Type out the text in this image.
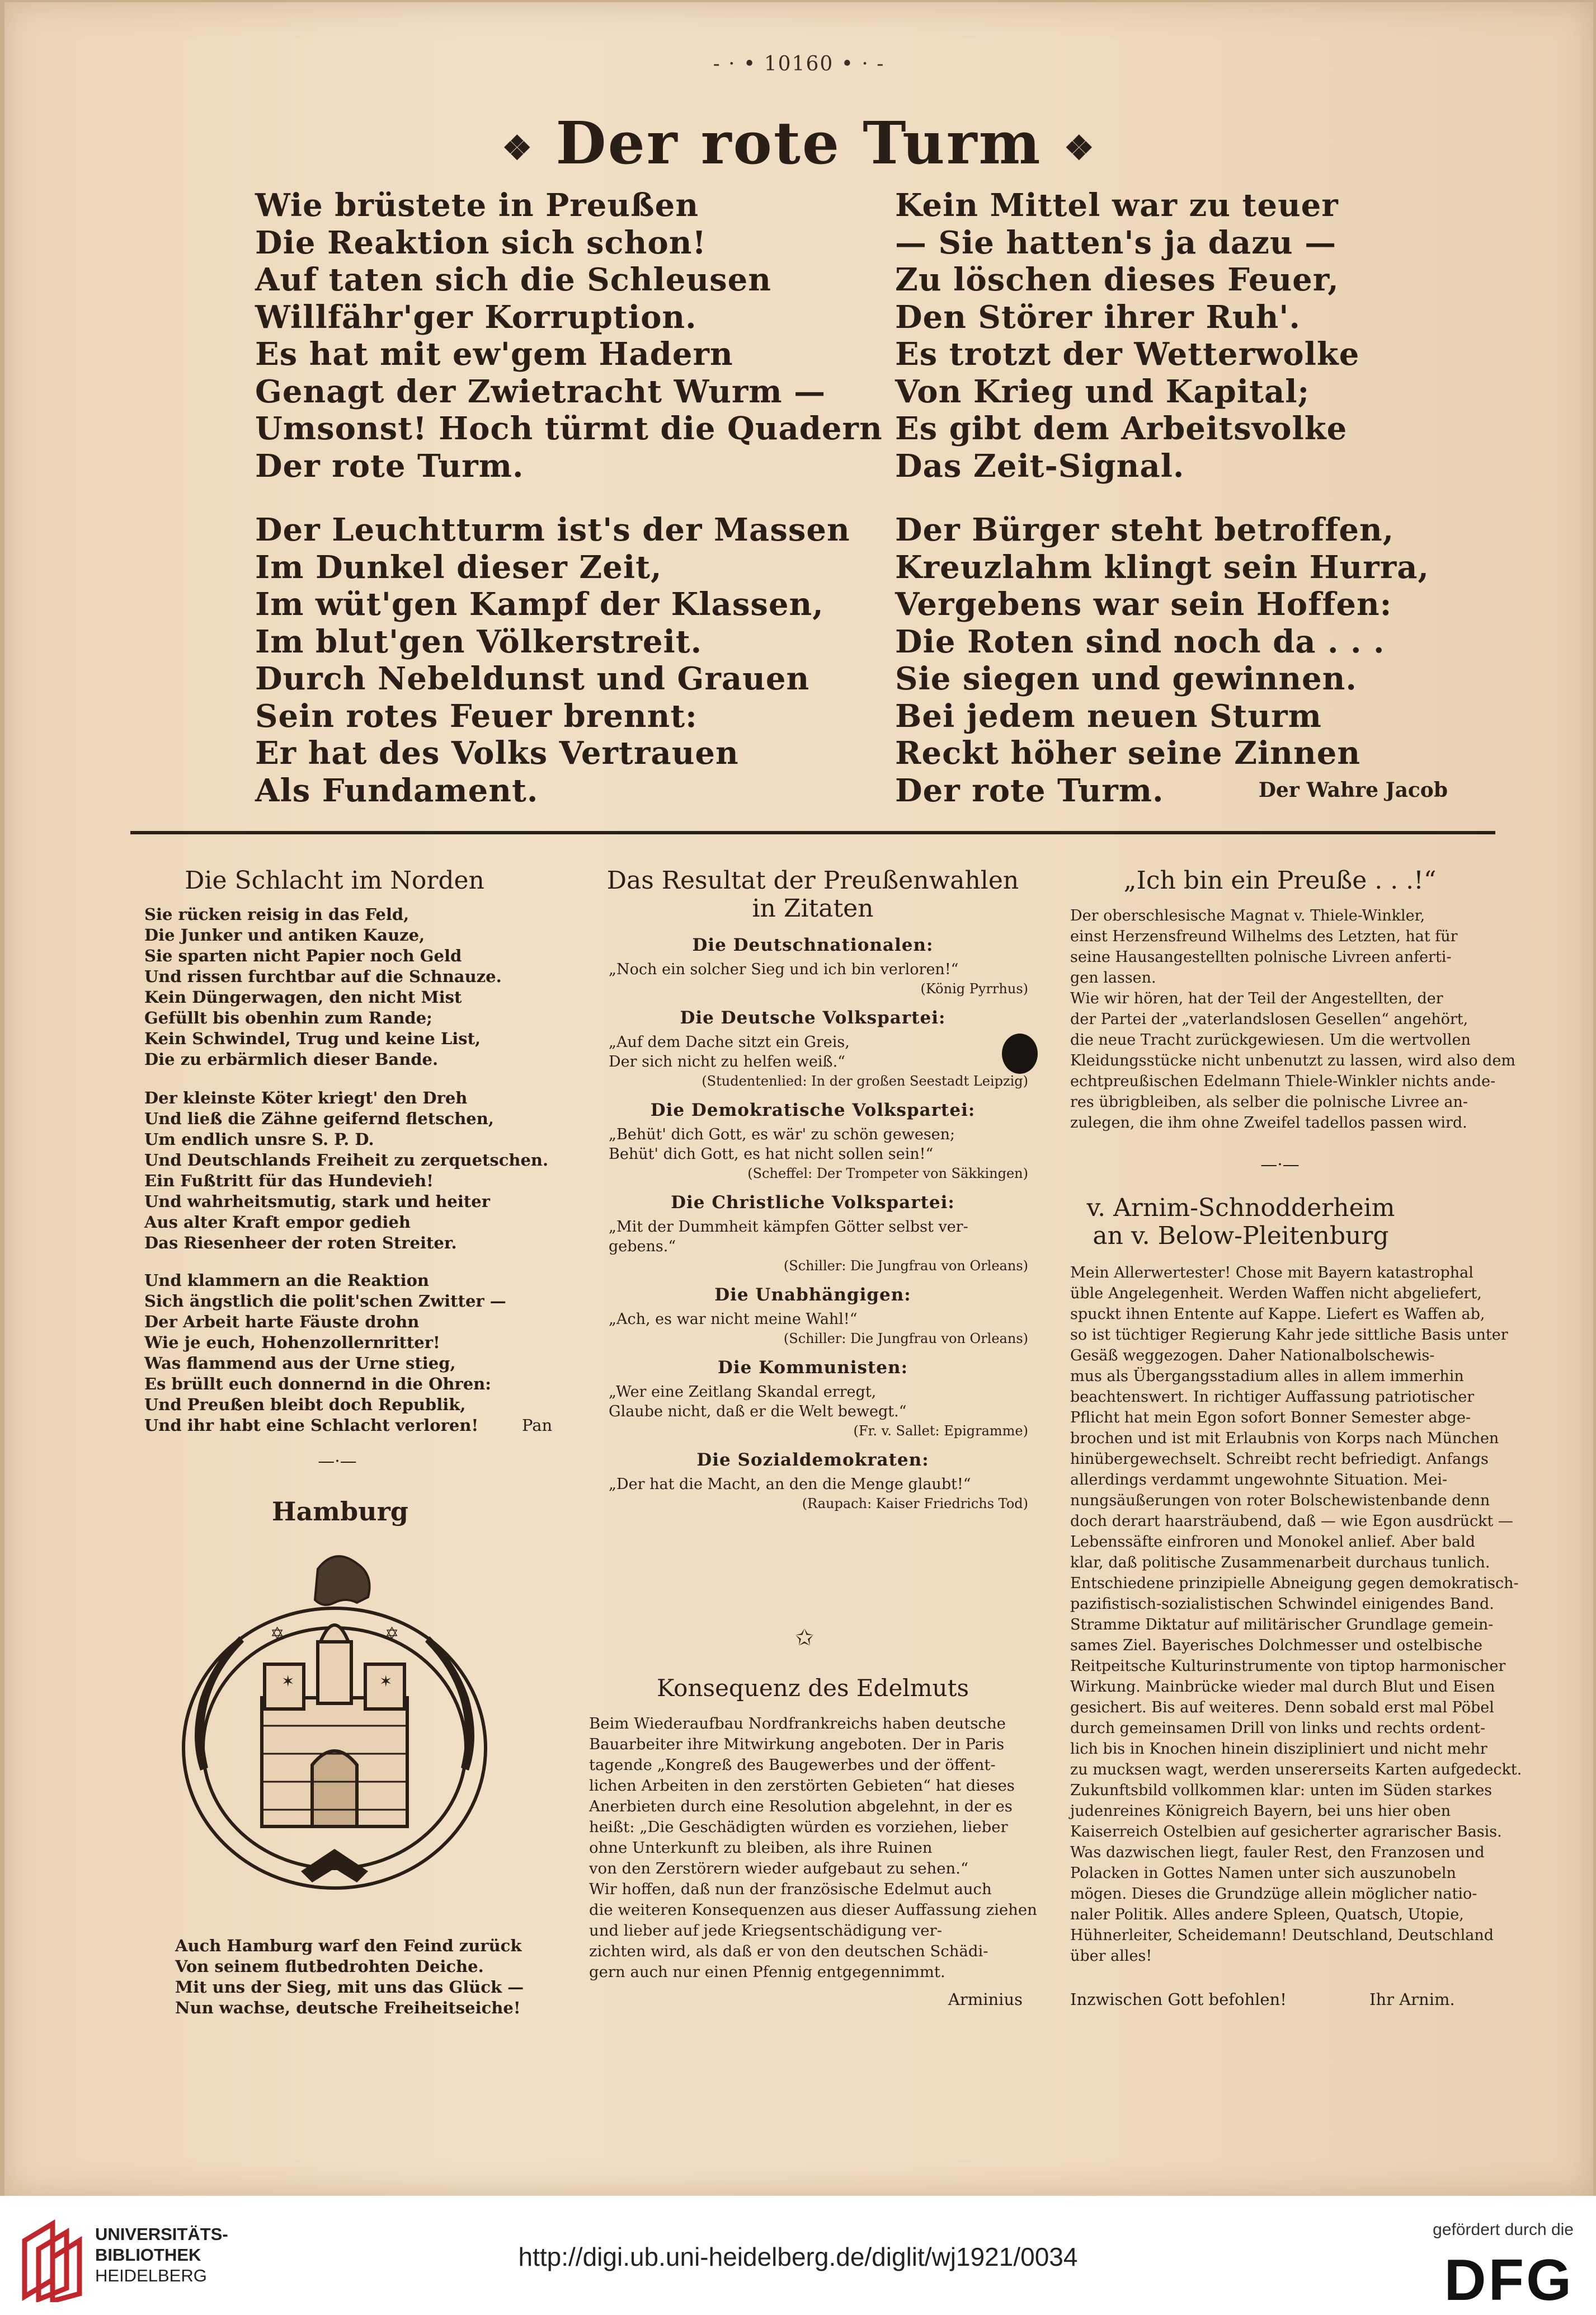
- · • 10160 • · -
❖ Der rote Turm ❖
Wie brüstete in Preußen
Die Reaktion sich schon!
Auf taten sich die Schleusen
Willfähr'ger Korruption.
Es hat mit ew'gem Hadern
Genagt der Zwietracht Wurm —
Umsonst! Hoch türmt die Quadern
Der rote Turm.
Kein Mittel war zu teuer
— Sie hatten's ja dazu —
Zu löschen dieses Feuer,
Den Störer ihrer Ruh'.
Es trotzt der Wetterwolke
Von Krieg und Kapital;
Es gibt dem Arbeitsvolke
Das Zeit-Signal.
Der Leuchtturm ist's der Massen
Im Dunkel dieser Zeit,
Im wüt'gen Kampf der Klassen,
Im blut'gen Völkerstreit.
Durch Nebeldunst und Grauen
Sein rotes Feuer brennt:
Er hat des Volks Vertrauen
Als Fundament.
Der Bürger steht betroffen,
Kreuzlahm klingt sein Hurra,
Vergebens war sein Hoffen:
Die Roten sind noch da . . .
Sie siegen und gewinnen.
Bei jedem neuen Sturm
Reckt höher seine Zinnen
Der rote Turm.	Der Wahre Jacob
Die Schlacht im Norden
Sie rücken reisig in das Feld,
Die Junker und antiken Kauze,
Sie sparten nicht Papier noch Geld
Und rissen furchtbar auf die Schnauze.
Kein Düngerwagen, den nicht Mist
Gefüllt bis obenhin zum Rande;
Kein Schwindel, Trug und keine List,
Die zu erbärmlich dieser Bande.
Der kleinste Köter kriegt' den Dreh
Und ließ die Zähne geifernd fletschen,
Um endlich unsre S. P. D.
Und Deutschlands Freiheit zu zerquetschen.
Ein Fußtritt für das Hundevieh!
Und wahrheitsmutig, stark und heiter
Aus alter Kraft empor gedieh
Das Riesenheer der roten Streiter.
Und klammern an die Reaktion
Sich ängstlich die polit'schen Zwitter —
Der Arbeit harte Fäuste drohn
Wie je euch, Hohenzollernritter!
Was flammend aus der Urne stieg,
Es brüllt euch donnernd in die Ohren:
Und Preußen bleibt doch Republik,
Und ihr habt eine Schlacht verloren!	Pan
—·—
Hamburg
✶	✶
✡	✡
Auch Hamburg warf den Feind zurück
Von seinem flutbedrohten Deiche.
Mit uns der Sieg, mit uns das Glück —
Nun wachse, deutsche Freiheitseiche!
Das Resultat der Preußenwahlen
in Zitaten
Die Deutschnationalen:
„Noch ein solcher Sieg und ich bin verloren!“
(König Pyrrhus)
Die Deutsche Volkspartei:
„Auf dem Dache sitzt ein Greis,
Der sich nicht zu helfen weiß.“
(Studentenlied: In der großen Seestadt Leipzig)
Die Demokratische Volkspartei:
„Behüt' dich Gott, es wär' zu schön gewesen;
Behüt' dich Gott, es hat nicht sollen sein!“
(Scheffel: Der Trompeter von Säkkingen)
Die Christliche Volkspartei:
„Mit der Dummheit kämpfen Götter selbst ver-
gebens.“
(Schiller: Die Jungfrau von Orleans)
Die Unabhängigen:
„Ach, es war nicht meine Wahl!“
(Schiller: Die Jungfrau von Orleans)
Die Kommunisten:
„Wer eine Zeitlang Skandal erregt,
Glaube nicht, daß er die Welt bewegt.“
(Fr. v. Sallet: Epigramme)
Die Sozialdemokraten:
„Der hat die Macht, an den die Menge glaubt!“
(Raupach: Kaiser Friedrichs Tod)
✩
Konsequenz des Edelmuts
Beim Wiederaufbau Nordfrankreichs haben deutsche
Bauarbeiter ihre Mitwirkung angeboten. Der in Paris
tagende „Kongreß des Baugewerbes und der öffent-
lichen Arbeiten in den zerstörten Gebieten“ hat dieses
Anerbieten durch eine Resolution abgelehnt, in der es
heißt: „Die Geschädigten würden es vorziehen, lieber
ohne Unterkunft zu bleiben, als ihre Ruinen
von den Zerstörern wieder aufgebaut zu sehen.“
Wir hoffen, daß nun der französische Edelmut auch
die weiteren Konsequenzen aus dieser Auffassung ziehen
und lieber auf jede Kriegsentschädigung ver-
zichten wird, als daß er von den deutschen Schädi-
gern auch nur einen Pfennig entgegennimmt.
Arminius
„Ich bin ein Preuße . . .!“
Der oberschlesische Magnat v. Thiele-Winkler,
einst Herzensfreund Wilhelms des Letzten, hat für
seine Hausangestellten polnische Livreen anferti-
gen lassen.
Wie wir hören, hat der Teil der Angestellten, der
der Partei der „vaterlandslosen Gesellen“ angehört,
die neue Tracht zurückgewiesen. Um die wertvollen
Kleidungsstücke nicht unbenutzt zu lassen, wird also dem
echtpreußischen Edelmann Thiele-Winkler nichts ande-
res übrigbleiben, als selber die polnische Livree an-
zulegen, die ihm ohne Zweifel tadellos passen wird.
—·—
v. Arnim-Schnodderheim
an v. Below-Pleitenburg
Mein Allerwertester! Chose mit Bayern katastrophal
üble Angelegenheit. Werden Waffen nicht abgeliefert,
spuckt ihnen Entente auf Kappe. Liefert es Waffen ab,
so ist tüchtiger Regierung Kahr jede sittliche Basis unter
Gesäß weggezogen. Daher Nationalbolschewis-
mus als Übergangsstadium alles in allem immerhin
beachtenswert. In richtiger Auffassung patriotischer
Pflicht hat mein Egon sofort Bonner Semester abge-
brochen und ist mit Erlaubnis von Korps nach München
hinübergewechselt. Schreibt recht befriedigt. Anfangs
allerdings verdammt ungewohnte Situation. Mei-
nungsäußerungen von roter Bolschewistenbande denn
doch derart haarsträubend, daß — wie Egon ausdrückt —
Lebenssäfte einfroren und Monokel anlief. Aber bald
klar, daß politische Zusammenarbeit durchaus tunlich.
Entschiedene prinzipielle Abneigung gegen demokratisch-
pazifistisch-sozialistischen Schwindel einigendes Band.
Stramme Diktatur auf militärischer Grundlage gemein-
sames Ziel. Bayerisches Dolchmesser und ostelbische
Reitpeitsche Kulturinstrumente von tiptop harmonischer
Wirkung. Mainbrücke wieder mal durch Blut und Eisen
gesichert. Bis auf weiteres. Denn sobald erst mal Pöbel
durch gemeinsamen Drill von links und rechts ordent-
lich bis in Knochen hinein diszipliniert und nicht mehr
zu mucksen wagt, werden unsererseits Karten aufgedeckt.
Zukunftsbild vollkommen klar: unten im Süden starkes
judenreines Königreich Bayern, bei uns hier oben
Kaiserreich Ostelbien auf gesicherter agrarischer Basis.
Was dazwischen liegt, fauler Rest, den Franzosen und
Polacken in Gottes Namen unter sich auszunobeln
mögen. Dieses die Grundzüge allein möglicher natio-
naler Politik. Alles andere Spleen, Quatsch, Utopie,
Hühnerleiter, Scheidemann! Deutschland, Deutschland
über alles!
Inzwischen Gott befohlen!	Ihr Arnim.
UNIVERSITÄTS-
BIBLIOTHEK
HEIDELBERG
http://digi.ub.uni-heidelberg.de/diglit/wj1921/0034
gefördert durch die
DFG
